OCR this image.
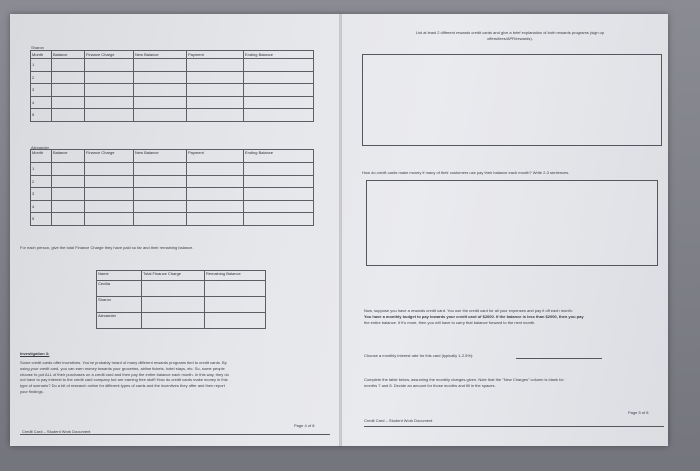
Sharon
Month	Balance	Finance Charge	New Balance	Payment	Ending Balance
1					
2					
3					
4					
5					
Alexander
Month	Balance	Finance Charge	New Balance	Payment	Ending Balance
1					
2					
3					
4					
5					
For each person, give the total Finance Charge they have paid so far and their remaining balance.
Name	Total Finance Charge	Remaining Balance
Cecilia		
Sharon		
Alexander		
Investigation 3:
Some credit cards offer incentives. You've probably heard of many different rewards programs tied to credit cards. By
using your credit card, you can earn money towards your groceries, airline tickets, hotel stays, etc. So, some people
choose to put ALL of their purchases on a credit card and then pay the entire balance each month. In this way, they do
not have to pay interest to the credit card company but are earning free stuff! How do credit cards make money in this
type of scenario? Do a bit of research online for different types of cards and the incentives they offer and then report
your findings.
Credit Card – Student Work Document
Page 4 of 8
List at least 2 different rewards credit cards and give a brief explanation of both rewards programs (sign up
offers/fees/APR/rewards).
How do credit cards make money if many of their customers use pay their balance each month? Write 2-3 sentences.
Now, suppose you have a rewards credit card. You use the credit card for all your expenses and pay it off each month.
You have a monthly budget to pay towards your credit card of $2000. If the balance is less than $2000, then you pay
the entire balance. If it's more, then you will have to carry that balance forward to the next month.
Choose a monthly interest rate for this card (typically 1-2.5%):
Complete the table below, assuming the monthly charges given. Note that the "New Charges" column is blank for
months 7 and 8. Decide an amount for those months and fill in the spaces.
Credit Card – Student Work Document
Page 5 of 8
